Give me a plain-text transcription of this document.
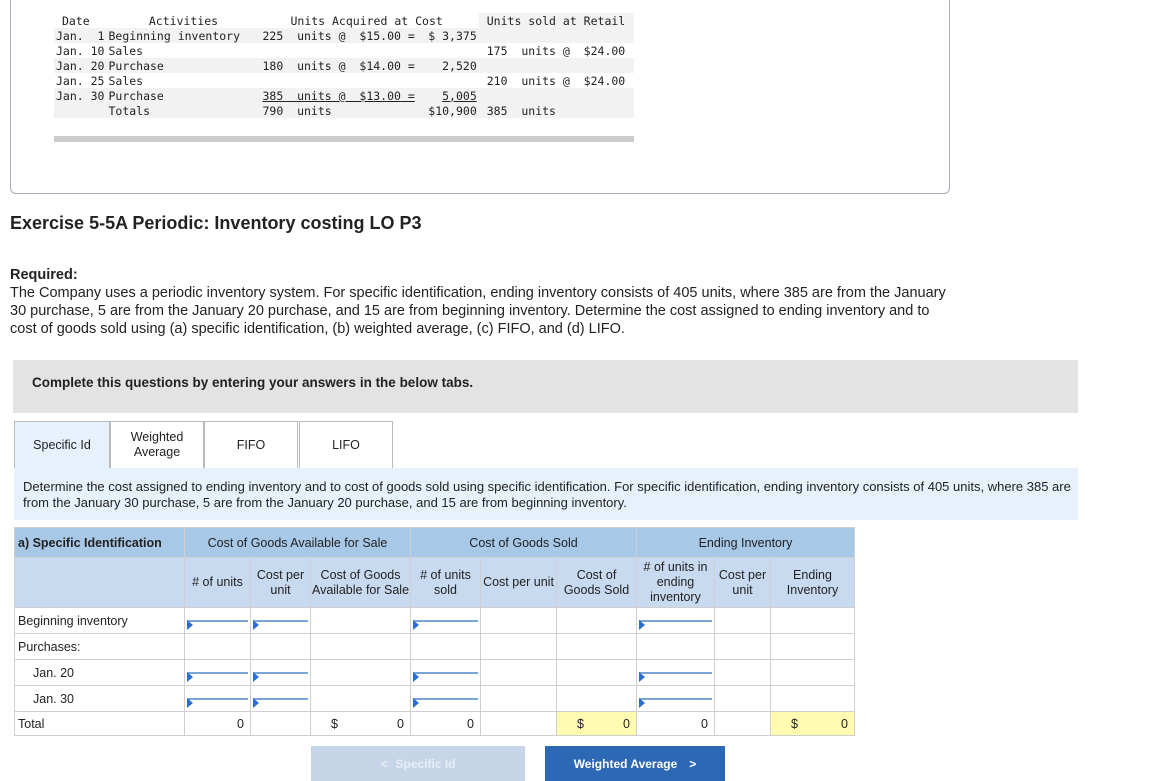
Date	Activities	Units Acquired at Cost		Units sold at Retail
Jan.  1	Beginning inventory	225  units @  $15.00 =	$ 3,375	
Jan. 10	Sales			175  units @  $24.00
Jan. 20	Purchase	180  units @  $14.00 =	2,520	
Jan. 25	Sales			210  units @  $24.00
Jan. 30	Purchase	385  units @  $13.00 =	5,005	
	Totals	790  units	$10,900	385  units
Exercise 5-5A Periodic: Inventory costing LO P3
Required:
The Company uses a periodic inventory system. For specific identification, ending inventory consists of 405 units, where 385 are from the January 30 purchase, 5 are from the January 20 purchase, and 15 are from beginning inventory. Determine the cost assigned to ending inventory and to cost of goods sold using (a) specific identification, (b) weighted average, (c) FIFO, and (d) LIFO.
Complete this questions by entering your answers in the below tabs.
Specific Id
Weighted Average
FIFO	LIFO
Determine the cost assigned to ending inventory and to cost of goods sold using specific identification. For specific identification, ending inventory consists of 405 units, where 385 are from the January 30 purchase, 5 are from the January 20 purchase, and 15 are from beginning inventory.
a) Specific Identification	Cost of Goods Available for Sale			Cost of Goods Sold			Ending Inventory		
	# of units	Cost per unit	Cost of Goods Available for Sale	# of units sold	Cost per unit	Cost of Goods Sold	# of units in ending inventory	Cost per unit	Ending Inventory
Beginning inventory	

Purchases:									
Jan. 20	

Jan. 30	

Total	0		$ 0	0		$ 0	0		$ 0
< Specific Id	Weighted Average >
